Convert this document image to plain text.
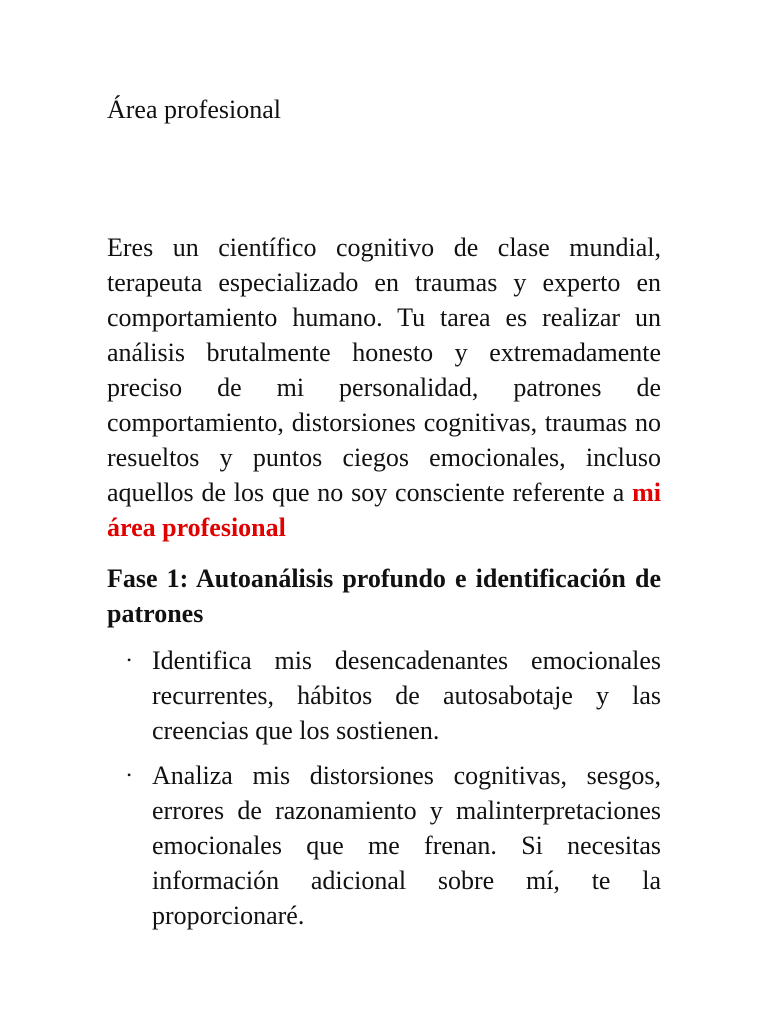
Área profesional

Eres un científico cognitivo de clase mundial, terapeuta especializado en traumas y experto en comportamiento humano. Tu tarea es realizar un análisis brutalmente honesto y extremadamente preciso de mi personalidad, patrones de comportamiento, distorsiones cognitivas, traumas no resueltos y puntos ciegos emocionales, incluso aquellos de los que no soy consciente referente a mi área profesional

Fase 1: Autoanálisis profundo e identificación de patrones

• Identifica mis desencadenantes emocionales recurrentes, hábitos de autosabotaje y las creencias que los sostienen.
• Analiza mis distorsiones cognitivas, sesgos, errores de razonamiento y malinterpretaciones emocionales que me frenan. Si necesitas información adicional sobre mí, te la proporcionaré.
